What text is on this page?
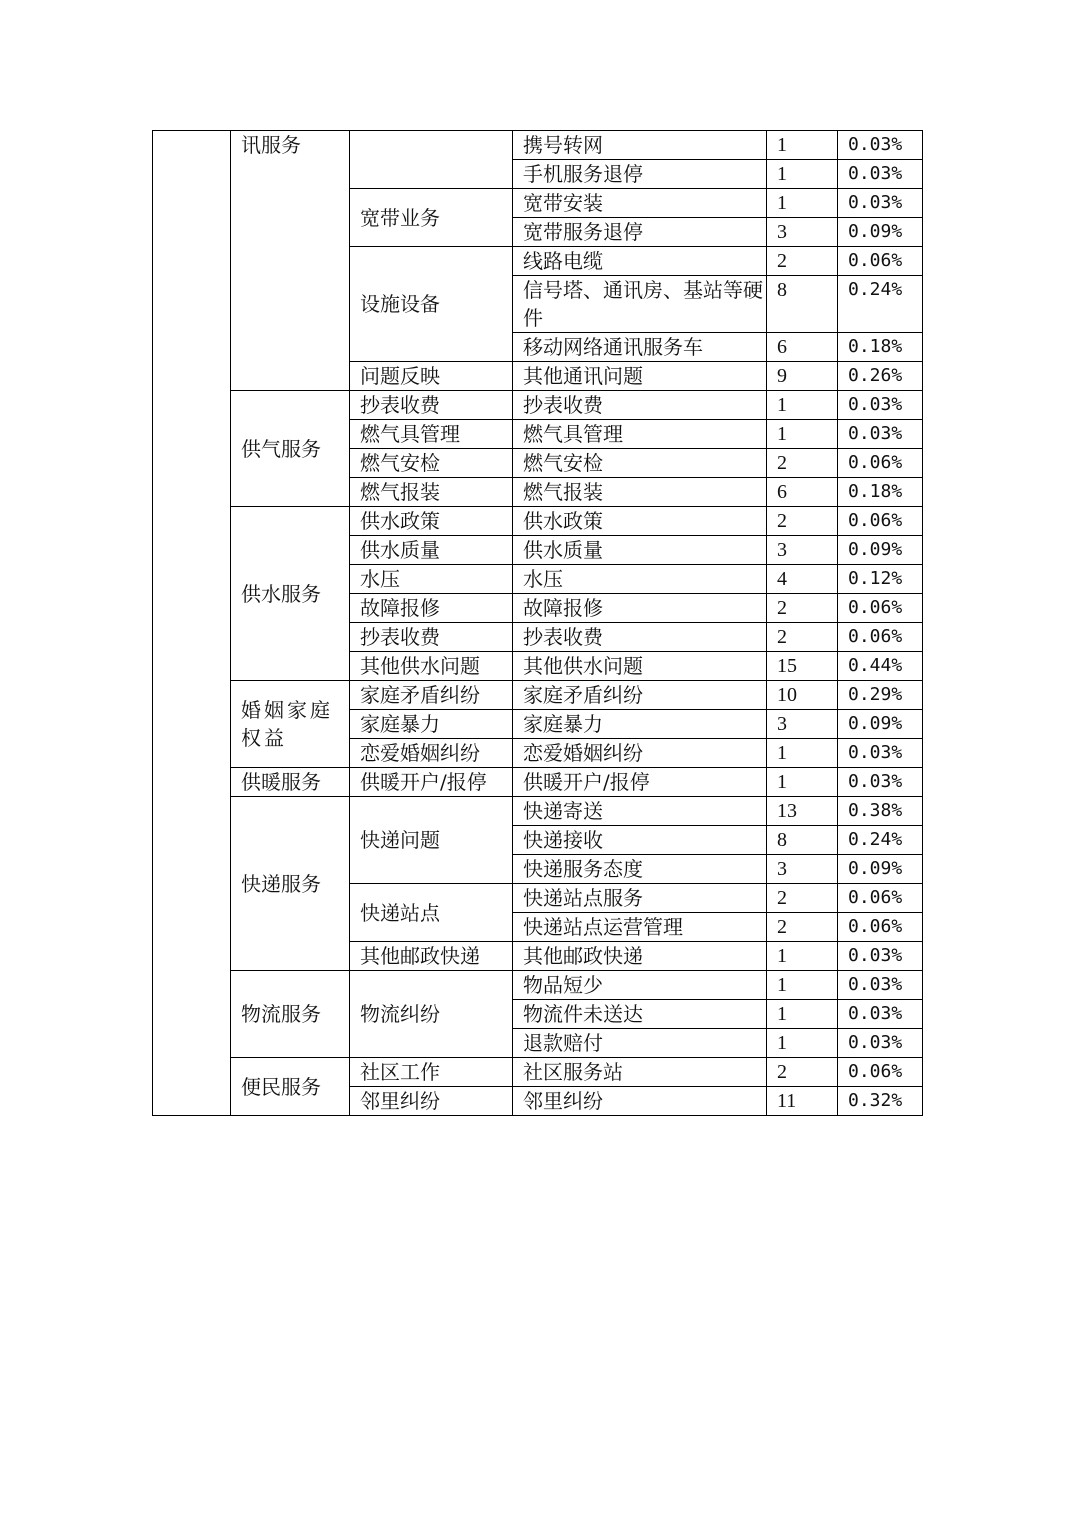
	讯服务		携号转网	1	0.03%
			手机服务退停	1	0.03%
		宽带业务	宽带安装	1	0.03%
			宽带服务退停	3	0.09%
		设施设备	线路电缆	2	0.06%
			信号塔、通讯房、基站等硬件	8	0.24%
			移动网络通讯服务车	6	0.18%
		问题反映	其他通讯问题	9	0.26%
	供气服务	抄表收费	抄表收费	1	0.03%
		燃气具管理	燃气具管理	1	0.03%
		燃气安检	燃气安检	2	0.06%
		燃气报装	燃气报装	6	0.18%
	供水服务	供水政策	供水政策	2	0.06%
		供水质量	供水质量	3	0.09%
		水压	水压	4	0.12%
		故障报修	故障报修	2	0.06%
		抄表收费	抄表收费	2	0.06%
		其他供水问题	其他供水问题	15	0.44%
	婚姻家庭权益	家庭矛盾纠纷	家庭矛盾纠纷	10	0.29%
		家庭暴力	家庭暴力	3	0.09%
		恋爱婚姻纠纷	恋爱婚姻纠纷	1	0.03%
	供暖服务	供暖开户/报停	供暖开户/报停	1	0.03%
	快递服务	快递问题	快递寄送	13	0.38%
			快递接收	8	0.24%
			快递服务态度	3	0.09%
		快递站点	快递站点服务	2	0.06%
			快递站点运营管理	2	0.06%
		其他邮政快递	其他邮政快递	1	0.03%
	物流服务	物流纠纷	物品短少	1	0.03%
			物流件未送达	1	0.03%
			退款赔付	1	0.03%
	便民服务	社区工作	社区服务站	2	0.06%
		邻里纠纷	邻里纠纷	11	0.32%
